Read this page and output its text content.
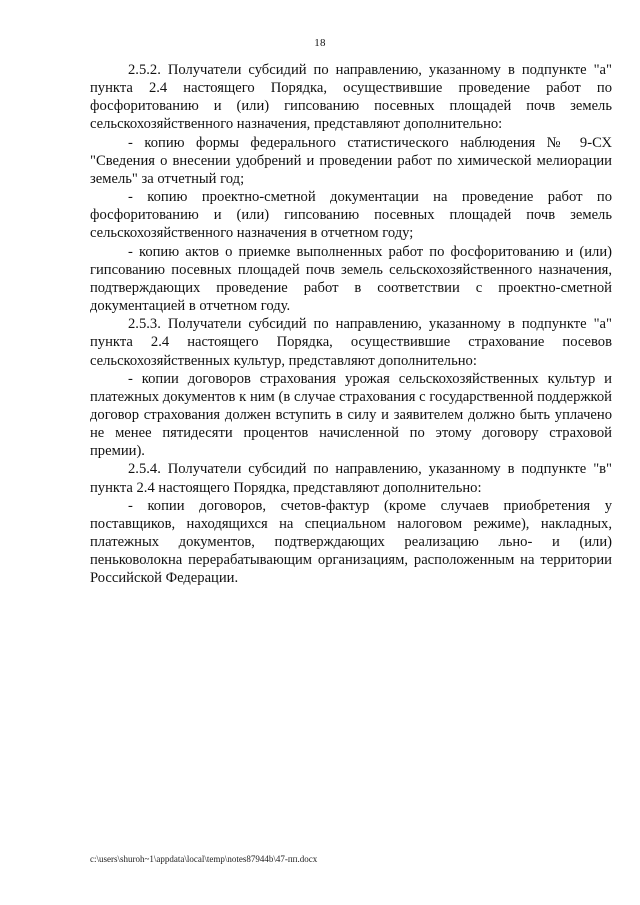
18

2.5.2. Получатели субсидий по направлению, указанному в подпункте "а" пункта 2.4 настоящего Порядка, осуществившие проведение работ по фосфоритованию и (или) гипсованию посевных площадей почв земель сельскохозяйственного назначения, представляют дополнительно:

- копию формы федерального статистического наблюдения № 9-СХ "Сведения о внесении удобрений и проведении работ по химической мелиорации земель" за отчетный год;

- копию проектно-сметной документации на проведение работ по фосфоритованию и (или) гипсованию посевных площадей почв земель сельскохозяйственного назначения в отчетном году;

- копию актов о приемке выполненных работ по фосфоритованию и (или) гипсованию посевных площадей почв земель сельскохозяйственного назначения, подтверждающих проведение работ в соответствии с проектно-сметной документацией в отчетном году.

2.5.3. Получатели субсидий по направлению, указанному в подпункте "а" пункта 2.4 настоящего Порядка, осуществившие страхование посевов сельскохозяйственных культур, представляют дополнительно:

- копии договоров страхования урожая сельскохозяйственных культур и платежных документов к ним (в случае страхования с государственной поддержкой договор страхования должен вступить в силу и заявителем должно быть уплачено не менее пятидесяти процентов начисленной по этому договору страховой премии).

2.5.4. Получатели субсидий по направлению, указанному в подпункте "в" пункта 2.4 настоящего Порядка, представляют дополнительно:

- копии договоров, счетов-фактур (кроме случаев приобретения у поставщиков, находящихся на специальном налоговом режиме), накладных, платежных документов, подтверждающих реализацию льно- и (или) пеньковолокна перерабатывающим организациям, расположенным на территории Российской Федерации.

c:\users\shuroh~1\appdata\local\temp\notes87944b\47-пп.docx
